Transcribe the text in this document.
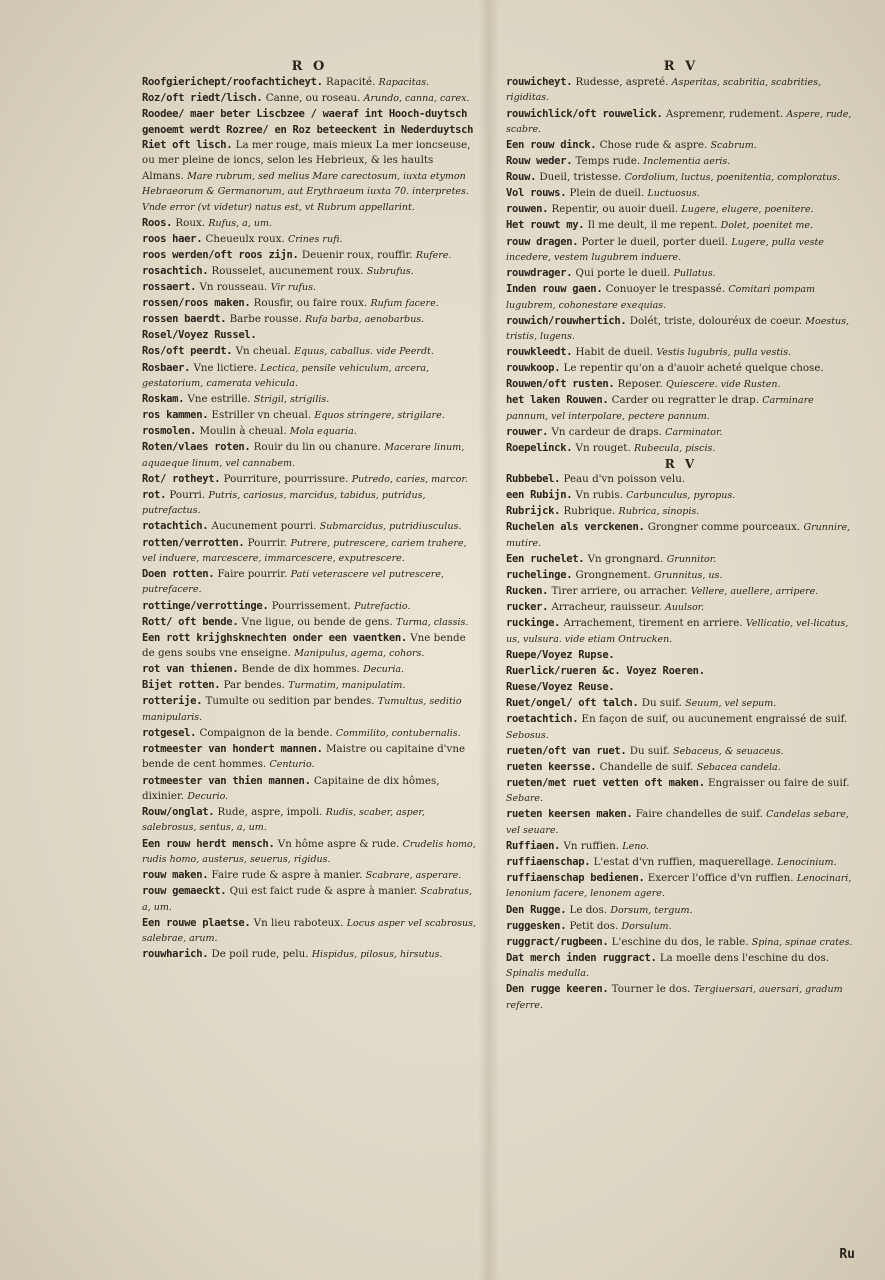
R O

Roofgierichept/roofachticheyt. Rapacité. Rapacitas.

Roz/oft riedt/lisch. Canne, ou roseau. Arundo, canna, carex.

Roodee/ maer beter Liscbzee / waeraf int Hooch-duytsch genoemt werdt Rozree/ en Roz beteeckent in Nederduytsch Riet oft lisch. La mer rouge, mais mieux La mer ioncseuse, ou mer pleine de ioncs, selon les Hebrieux, & les haults Almans. Mare rubrum, sed melius Mare carectosum, iuxta etymon Hebraeorum & Germanorum, aut Erythraeum iuxta 70. interpretes. Vnde error (vt videtur) natus est, vt Rubrum appellarint.

Roos. Roux. Rufus, a, um.

roos haer. Cheueulx roux. Crines rufi.

roos werden/oft roos zijn. Deuenir roux, rouffir. Rufere.

rosachtich. Rousselet, aucunement roux. Subrufus.

rossaert. Vn rousseau. Vir rufus.

rossen/roos maken. Rousfir, ou faire roux. Rufum facere.

rossen baerdt. Barbe rousse. Rufa barba, aenobarbus.

Rosel/Voyez Russel.

Ros/oft peerdt. Vn cheual. Equus, caballus. vide Peerdt.

Rosbaer. Vne lictiere. Lectica, pensile vehiculum, arcera, gestatorium, camerata vehicula.

Roskam. Vne estrille. Strigil, strigilis.

ros kammen. Estriller vn cheual. Equos stringere, strigilare.

rosmolen. Moulin à cheual. Mola equaria.

Roten/vlaes roten. Rouir du lin ou chanure. Macerare linum, aquaeque linum, vel cannabem.

Rot/ rotheyt. Pourriture, pourrissure. Putredo, caries, marcor.

rot. Pourri. Putris, cariosus, marcidus, tabidus, putridus, putrefactus.

rotachtich. Aucunement pourri. Submarcidus, putridiusculus.

rotten/verrotten. Pourrir. Putrere, putrescere, cariem trahere, vel induere, marcescere, immarcescere, exputrescere.

Doen rotten. Faire pourrir. Pati veterascere vel putrescere, putrefacere.

rottinge/verrottinge. Pourrissement. Putrefactio.

Rott/ oft bende. Vne ligue, ou bende de gens. Turma, classis.

Een rott krijghsknechten onder een vaentken. Vne bende de gens soubs vne enseigne. Manipulus, agema, cohors.

rot van thienen. Bende de dix hommes. Decuria.

Bijet rotten. Par bendes. Turmatim, manipulatim.

rotterije. Tumulte ou sedition par bendes. Tumultus, seditio manipularis.

rotgesel. Compaignon de la bende. Commilito, contubernalis.

rotmeester van hondert mannen. Maistre ou capitaine d'vne bende de cent hommes. Centurio.

rotmeester van thien mannen. Capitaine de dix hômes, dixinier. Decurio.

Rouw/onglat. Rude, aspre, impoli. Rudis, scaber, asper, salebrosus, sentus, a, um.

Een rouw herdt mensch. Vn hôme aspre & rude. Crudelis homo, rudis homo, austerus, seuerus, rigidus.

rouw maken. Faire rude & aspre à manier. Scabrare, asperare.

rouw gemaeckt. Qui est faict rude & aspre à manier. Scabratus, a, um.

Een rouwe plaetse. Vn lieu raboteux. Locus asper vel scabrosus, salebrae, arum.

rouwharich. De poil rude, pelu. Hispidus, pilosus, hirsutus.

R V

rouwicheyt. Rudesse, aspreté. Asperitas, scabritia, scabrities, rigiditas.

rouwichlick/oft rouwelick. Aspremenr, rudement. Aspere, rude, scabre.

Een rouw dinck. Chose rude & aspre. Scabrum.

Rouw weder. Temps rude. Inclementia aeris.

Rouw. Dueil, tristesse. Cordolium, luctus, poenitentia, comploratus.

Vol rouws. Plein de dueil. Luctuosus.

rouwen. Repentir, ou auoir dueil. Lugere, elugere, poenitere.

Het rouwt my. Il me deult, il me repent. Dolet, poenitet me.

rouw dragen. Porter le dueil, porter dueil. Lugere, pulla veste incedere, vestem lugubrem induere.

rouwdrager. Qui porte le dueil. Pullatus.

Inden rouw gaen. Conuoyer le trespassé. Comitari pompam lugubrem, cohonestare exequias.

rouwich/rouwhertich. Dolét, triste, dolouréux de coeur. Moestus, tristis, lugens.

rouwkleedt. Habit de dueil. Vestis lugubris, pulla vestis.

rouwkoop. Le repentir qu'on a d'auoir acheté quelque chose.

Rouwen/oft rusten. Reposer. Quiescere. vide Rusten.

het laken Rouwen. Carder ou regratter le drap. Carminare pannum, vel interpolare, pectere pannum.

rouwer. Vn cardeur de draps. Carminator.

Roepelinck. Vn rouget. Rubecula, piscis.

R V

Rubbebel. Peau d'vn poisson velu.

een Rubijn. Vn rubis. Carbunculus, pyropus.

Rubrijck. Rubrique. Rubrica, sinopis.

Ruchelen als verckenen. Grongner comme pourceaux. Grunnire, mutire.

Een ruchelet. Vn grongnard. Grunnitor.

ruchelinge. Grongnement. Grunnitus, us.

Rucken. Tirer arriere, ou arracher. Vellere, auellere, arripere.

rucker. Arracheur, rauisseur. Auulsor.

ruckinge. Arrachement, tirement en arriere. Vellicatio, vel-licatus, us, vulsura. vide etiam Ontrucken.

Ruepe/Voyez Rupse.

Ruerlick/rueren &c. Voyez Roeren.

Ruese/Voyez Reuse.

Ruet/ongel/ oft talch. Du suif. Seuum, vel sepum.

roetachtich. En façon de suif, ou aucunement engraissé de suif. Sebosus.

rueten/oft van ruet. Du suif. Sebaceus, & seuaceus.

rueten keersse. Chandelle de suif. Sebacea candela.

rueten/met ruet vetten oft maken. Engraisser ou faire de suif. Sebare.

rueten keersen maken. Faire chandelles de suif. Candelas sebare, vel seuare.

Ruffiaen. Vn ruffien. Leno.

ruffiaenschap. L'estat d'vn ruffien, maquerellage. Lenocinium.

ruffiaenschap bedienen. Exercer l'office d'vn ruffien. Lenocinari, lenonium facere, lenonem agere.

Den Rugge. Le dos. Dorsum, tergum.

ruggesken. Petit dos. Dorsulum.

ruggract/rugbeen. L'eschine du dos, le rable. Spina, spinae crates.

Dat merch inden ruggract. La moelle dens l'eschine du dos. Spinalis medulla.

Den rugge keeren. Tourner le dos. Tergiuersari, auersari, gradum referre.

Ru
